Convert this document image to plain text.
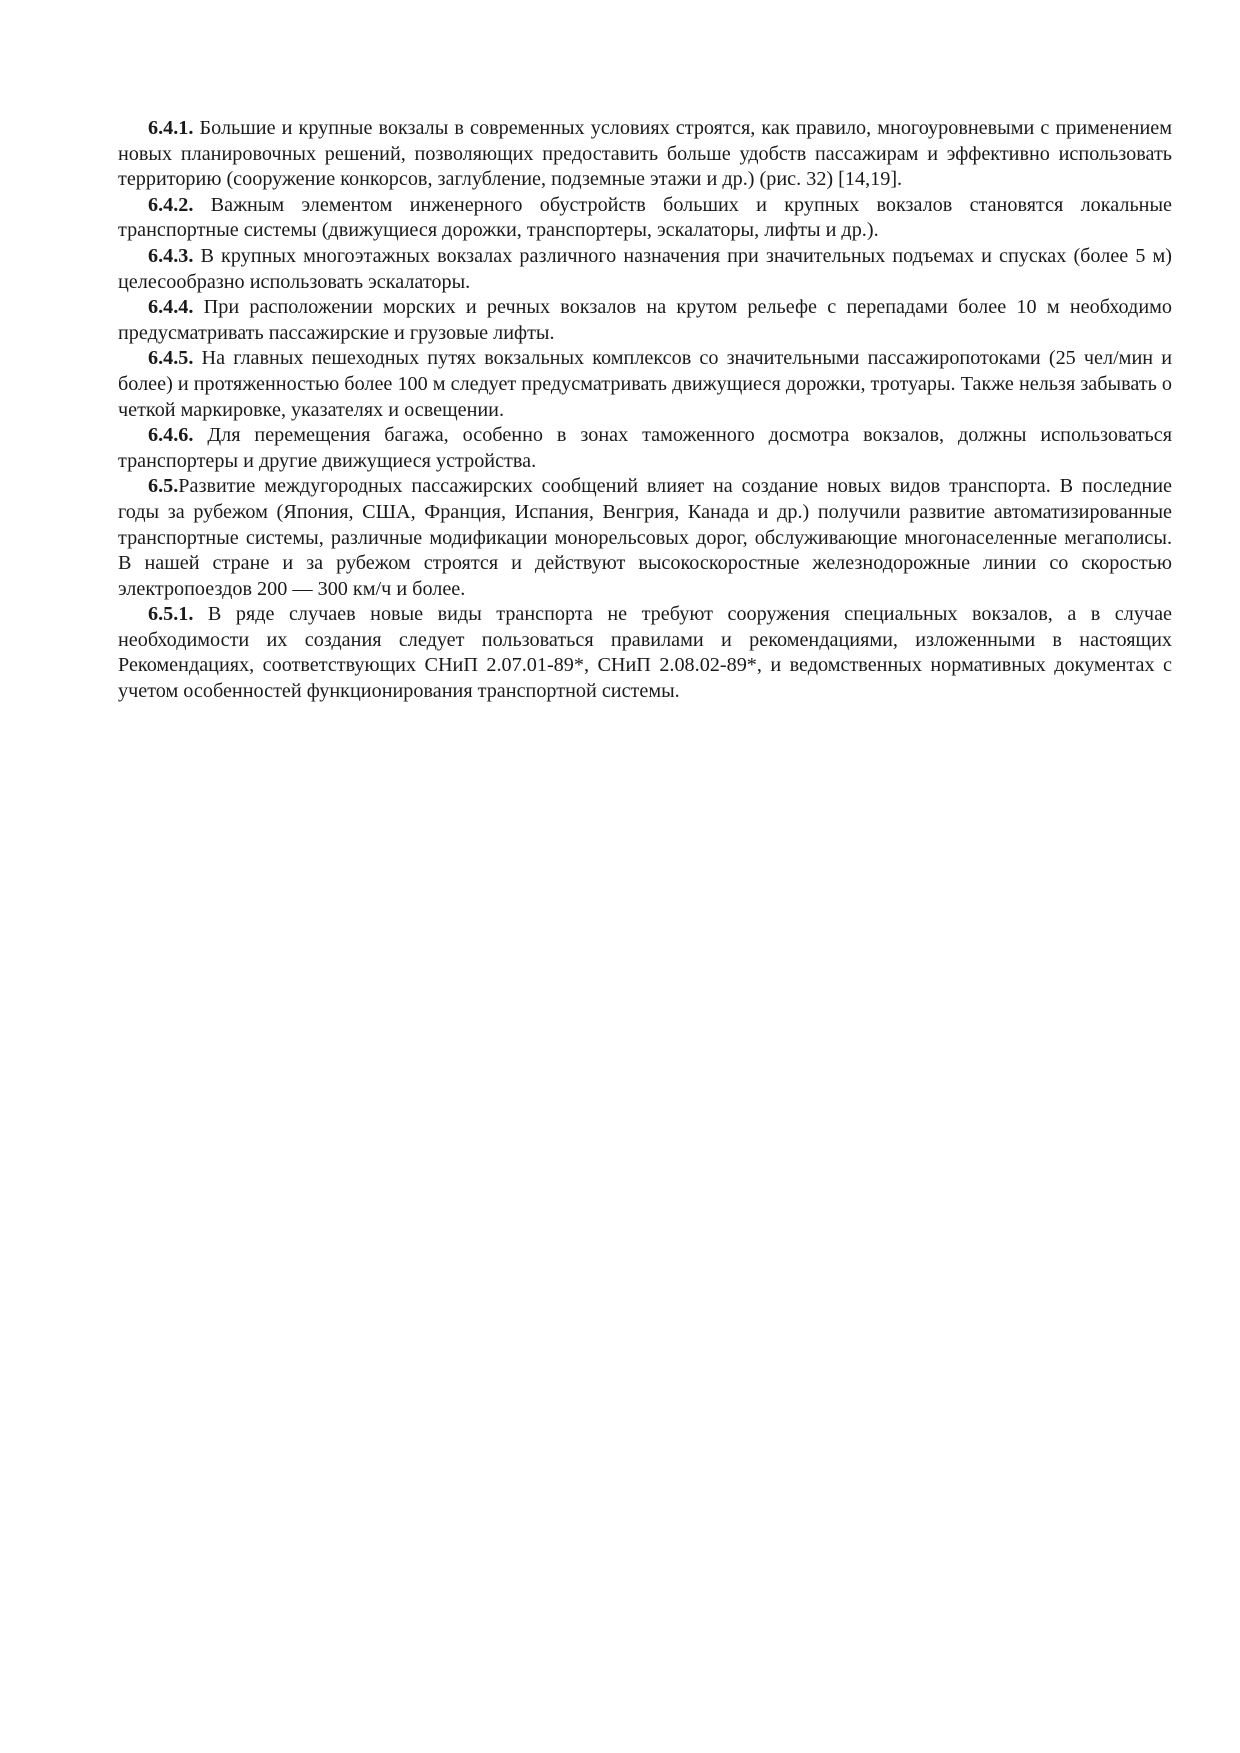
6.4.1. Большие и крупные вокзалы в современных условиях строятся, как правило, многоуровневыми с применением новых планировочных решений, позволяющих предоставить больше удобств пассажирам и эффективно использовать территорию (сооружение конкорсов, заглубление, подземные этажи и др.) (рис. 32) [14,19].

6.4.2. Важным элементом инженерного обустройств больших и крупных вокзалов становятся локальные транспортные системы (движущиеся дорожки, транспортеры, эскалаторы, лифты и др.).

6.4.3. В крупных многоэтажных вокзалах различного назначения при значительных подъемах и спусках (более 5 м) целесообразно использовать эскалаторы.

6.4.4. При расположении морских и речных вокзалов на крутом рельефе с перепадами более 10 м необходимо предусматривать пассажирские и грузовые лифты.

6.4.5. На главных пешеходных путях вокзальных комплексов со значительными пассажиропотоками (25 чел/мин и более) и протяженностью более 100 м следует предусматривать движущиеся дорожки, тротуары. Также нельзя забывать о четкой маркировке, указателях и освещении.

6.4.6. Для перемещения багажа, особенно в зонах таможенного досмотра вокзалов, должны использоваться транспортеры и другие движущиеся устройства.

6.5.Развитие междугородных пассажирских сообщений влияет на создание новых видов транспорта. В последние годы за рубежом (Япония, США, Франция, Испания, Венгрия, Канада и др.) получили развитие автоматизированные транспортные системы, различные модификации монорельсовых дорог, обслуживающие многонаселенные мегаполисы. В нашей стране и за рубежом строятся и действуют высокоскоростные железнодорожные линии со скоростью электропоездов 200 — 300 км/ч и более.

6.5.1. В ряде случаев новые виды транспорта не требуют сооружения специальных вокзалов, а в случае необходимости их создания следует пользоваться правилами и рекомендациями, изложенными в настоящих Рекомендациях, соответствующих СНиП 2.07.01-89*, СНиП 2.08.02-89*, и ведомственных нормативных документах с учетом особенностей функционирования транспортной системы.
